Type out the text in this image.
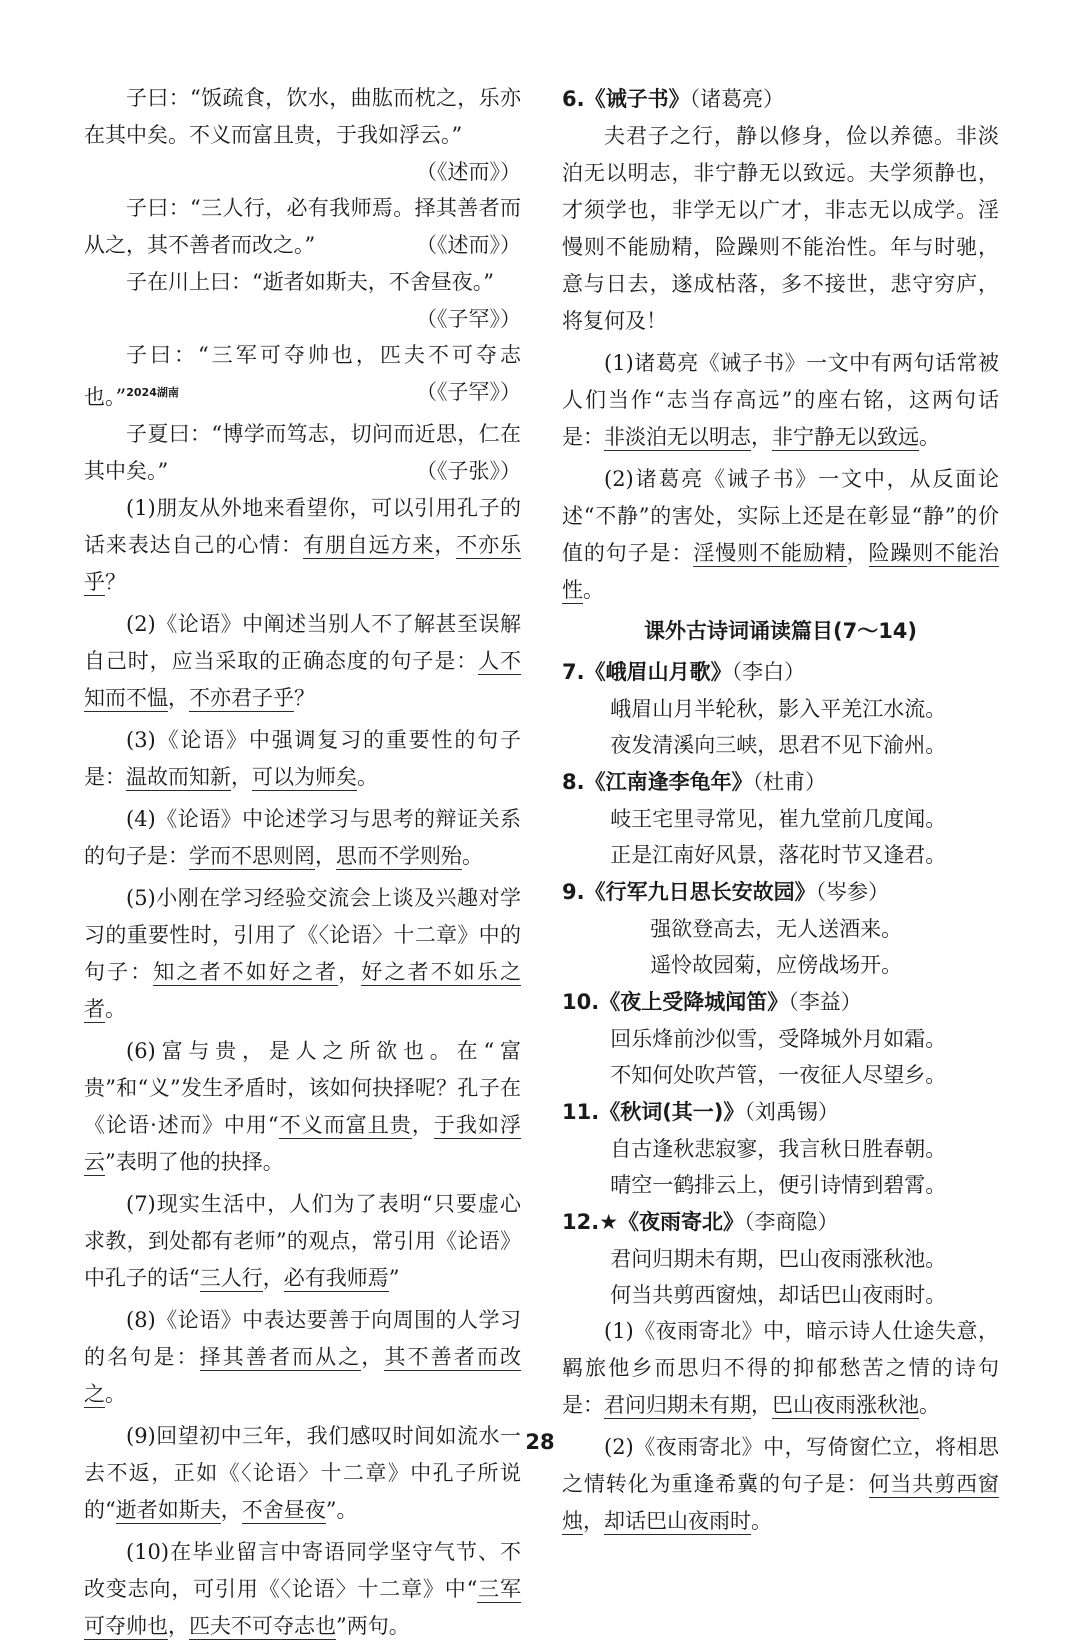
子曰：“饭疏食，饮水，曲肱而枕之，乐亦在其中矣。不义而富且贵，于我如浮云。”

（《述而》）

子曰：“三人行，必有我师焉。择其善者而从之，其不善者而改之。”	（《述而》）

子在川上曰：“逝者如斯夫，不舍昼夜。”

（《子罕》）

子曰：“三军可夺帅也，匹夫不可夺志也。”$^{2024湖南}$	（《子罕》）

子夏曰：“博学而笃志，切问而近思，仁在其中矣。”	（《子张》）

(1)朋友从外地来看望你，可以引用孔子的话来表达自己的心情：有朋自远方来，不亦乐乎？

(2)《论语》中阐述当别人不了解甚至误解自己时，应当采取的正确态度的句子是：人不知而不愠，不亦君子乎？

(3)《论语》中强调复习的重要性的句子是：温故而知新，可以为师矣。

(4)《论语》中论述学习与思考的辩证关系的句子是：学而不思则罔，思而不学则殆。

(5)小刚在学习经验交流会上谈及兴趣对学习的重要性时，引用了《〈论语〉十二章》中的句子：知之者不如好之者，好之者不如乐之者。

(6)富与贵，是人之所欲也。在“富贵”和“义”发生矛盾时，该如何抉择呢？孔子在《论语·述而》中用“不义而富且贵，于我如浮云”表明了他的抉择。

(7)现实生活中，人们为了表明“只要虚心求教，到处都有老师”的观点，常引用《论语》中孔子的话“三人行，必有我师焉”

(8)《论语》中表达要善于向周围的人学习的名句是：择其善者而从之，其不善者而改之。

(9)回望初中三年，我们感叹时间如流水一去不返，正如《〈论语〉十二章》中孔子所说的“逝者如斯夫，不舍昼夜”。

(10)在毕业留言中寄语同学坚守气节、不改变志向，可引用《〈论语〉十二章》中“三军可夺帅也，匹夫不可夺志也”两句。

6.《诫子书》（诸葛亮）

夫君子之行，静以修身，俭以养德。非淡泊无以明志，非宁静无以致远。夫学须静也，才须学也，非学无以广才，非志无以成学。淫慢则不能励精，险躁则不能治性。年与时驰，意与日去，遂成枯落，多不接世，悲守穷庐，将复何及！

(1)诸葛亮《诫子书》一文中有两句话常被人们当作“志当存高远”的座右铭，这两句话是：非淡泊无以明志，非宁静无以致远。

(2)诸葛亮《诫子书》一文中，从反面论述“不静”的害处，实际上还是在彰显“静”的价值的句子是：淫慢则不能励精，险躁则不能治性。

课外古诗词诵读篇目(7～14)

7.《峨眉山月歌》（李白）

峨眉山月半轮秋，影入平羌江水流。

夜发清溪向三峡，思君不见下渝州。

8.《江南逢李龟年》（杜甫）

岐王宅里寻常见，崔九堂前几度闻。

正是江南好风景，落花时节又逢君。

9.《行军九日思长安故园》（岑参）

强欲登高去，无人送酒来。

遥怜故园菊，应傍战场开。

10.《夜上受降城闻笛》（李益）

回乐烽前沙似雪，受降城外月如霜。

不知何处吹芦管，一夜征人尽望乡。

11.《秋词(其一)》（刘禹锡）

自古逢秋悲寂寥，我言秋日胜春朝。

晴空一鹤排云上，便引诗情到碧霄。

12.★《夜雨寄北》（李商隐）

君问归期未有期，巴山夜雨涨秋池。

何当共剪西窗烛，却话巴山夜雨时。

(1)《夜雨寄北》中，暗示诗人仕途失意，羁旅他乡而思归不得的抑郁愁苦之情的诗句是：君问归期未有期，巴山夜雨涨秋池。

(2)《夜雨寄北》中，写倚窗伫立，将相思之情转化为重逢希冀的句子是：何当共剪西窗烛，却话巴山夜雨时。

28
